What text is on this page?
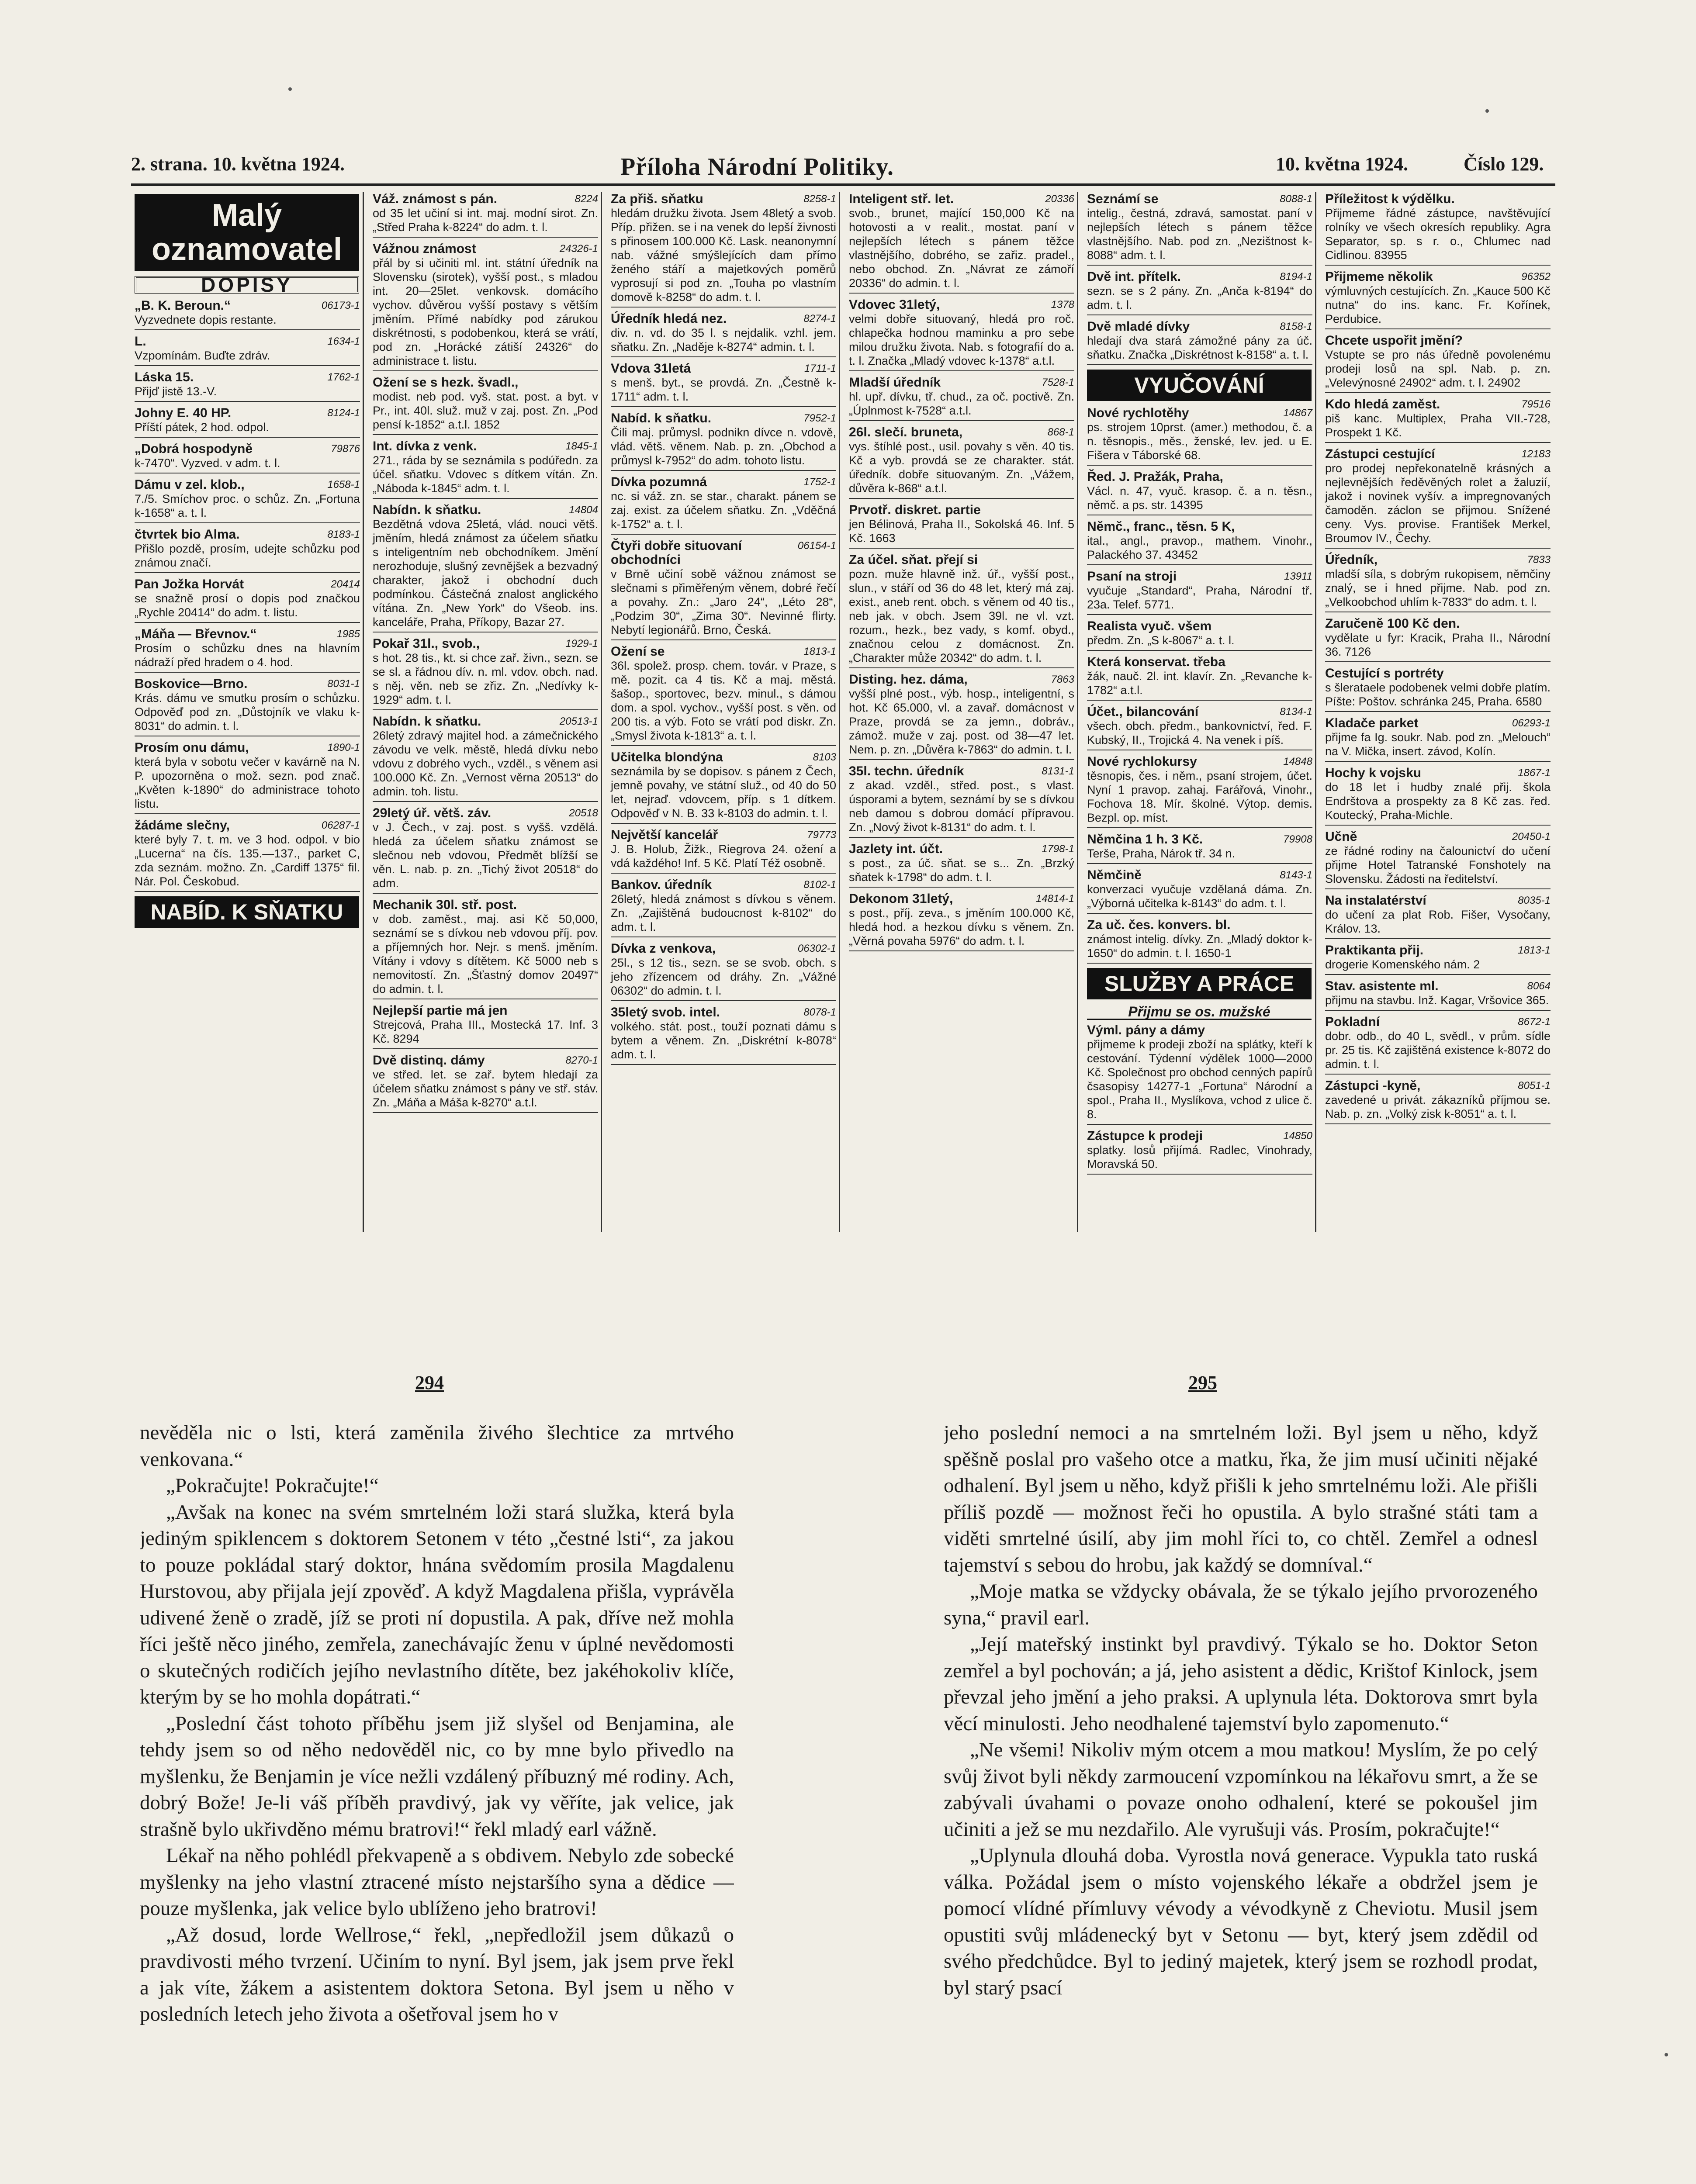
2. strana. 10. května 1924.	Příloha Národní Politiky.	10. května 1924.	Číslo 129.
Malý oznamovatel
DOPISY
06173-1
„B. K. Beroun.“
Vyzvednete dopis restante.
1634-1
L.
Vzpomínám. Buďte zdráv.
1762-1
Láska 15.
Přijď jistě 13.-V.
8124-1
Johny E. 40 HP.
Příští pátek, 2 hod. odpol.
79876
„Dobrá hospodyně
k-7470“. Vyzved. v adm. t. l.
1658-1
Dámu v zel. klob.,
7./5. Smíchov proc. o schůz. Zn. „Fortuna k-1658“ a. t. l.
8183-1
čtvrtek bio Alma.
Přišlo pozdě, prosím, udejte schůzku pod známou značí.
20414
Pan Jožka Horvát
se snažně prosí o dopis pod značkou „Rychle 20414“ do adm. t. listu.
1985
„Máňa — Břevnov.“
Prosím o schůzku dnes na hlavním nádraží před hradem o 4. hod.
8031-1
Boskovice—Brno.
Krás. dámu ve smutku prosím o schůzku. Odpověď pod zn. „Důstojník ve vlaku k-8031“ do admin. t. l.
1890-1
Prosím onu dámu,
která byla v sobotu večer v kavárně na N. P. upozorněna o mož. sezn. pod znač. „Květen k-1890“ do administrace tohoto listu.
06287-1
žádáme slečny,
které byly 7. t. m. ve 3 hod. odpol. v bio „Lucerna“ na čís. 135.—137., parket C, zda seznám. možno. Zn. „Cardiff 1375“ fil. Nár. Pol. Českobud.
NABÍD. K SŇATKU
8224
Váž. známost s pán.
od 35 let učiní si int. maj. modní sirot. Zn. „Střed Praha k-8224“ do adm. t. l.
24326-1
Vážnou známost
přál by si učiniti ml. int. státní úředník na Slovensku (sirotek), vyšší post., s mladou int. 20—25let. venkovsk. domácího vychov. důvěrou vyšší postavy s větším jměním. Přímé nabídky pod zárukou diskrétnosti, s podobenkou, která se vrátí, pod zn. „Horácké zátiší 24326“ do administrace t. listu.
Ožení se s hezk. švadl.,
modist. neb pod. vyš. stat. post. a byt. v Pr., int. 40l. služ. muž v zaj. post. Zn. „Pod pensí k-1852“ a.t.l. 1852
1845-1
Int. dívka z venk.
271., ráda by se seznámila s podúředn. za účel. sňatku. Vdovec s dítkem vítán. Zn. „Náboda k-1845“ adm. t. l.
14804
Nabídn. k sňatku.
Bezdětná vdova 25letá, vlád. nouci větš. jměním, hledá známost za účelem sňatku s inteligentním neb obchodníkem. Jmění nerozhoduje, slušný zevnějšek a bezvadný charakter, jakož i obchodní duch podmínkou. Částečná znalost anglického vítána. Zn. „New York“ do Všeob. ins. kanceláře, Praha, Příkopy, Bazar 27.
1929-1
Pokař 31l., svob.,
s hot. 28 tis., kt. si chce zař. živn., sezn. se se sl. a řádnou dív. n. ml. vdov. obch. nad. s něj. věn. neb se zřiz. Zn. „Nedívky k-1929“ adm. t. l.
20513-1
Nabídn. k sňatku.
26letý zdravý majitel hod. a zámečnického závodu ve velk. městě, hledá dívku nebo vdovu z dobrého vych., vzděl., s věnem asi 100.000 Kč. Zn. „Vernost věrna 20513“ do admin. toh. listu.
20518
29letý úř. větš. záv.
v J. Čech., v zaj. post. s vyšš. vzdělá. hledá za účelem sňatku známost se slečnou neb vdovou, Předmět blížší se věn. L. nab. p. zn. „Tichý život 20518“ do adm.
Mechanik 30l. stř. post.
v dob. zaměst., maj. asi Kč 50,000, seznámí se s dívkou neb vdovou příj. pov. a příjemných hor. Nejr. s menš. jměním. Vítány i vdovy s dítětem. Kč 5000 neb s nemovitostí. Zn. „Šťastný domov 20497“ do admin. t. l.
Nejlepší partie má jen
Strejcová, Praha III., Mostecká 17. Inf. 3 Kč. 8294
8270-1
Dvě distinq. dámy
ve střed. let. se zař. bytem hledají za účelem sňatku známost s pány ve stř. stáv. Zn. „Máňa a Máša k-8270“ a.t.l.
8258-1
Za přiš. sňatku
hledám družku života. Jsem 48letý a svob. Příp. přižen. se i na venek do lepší živnosti s přinosem 100.000 Kč. Lask. neanonymní nab. vážné smýšlejících dam přímo ženého stáří a majetkových poměrů vyprosují si pod zn. „Touha po vlastním domově k-8258“ do adm. t. l.
8274-1
Úředník hledá nez.
div. n. vd. do 35 l. s nejdalik. vzhl. jem. sňatku. Zn. „Naděje k-8274“ admin. t. l.
1711-1
Vdova 31letá
s menš. byt., se provdá. Zn. „Čestně k-1711“ adm. t. l.
7952-1
Nabíd. k sňatku.
Čili maj. průmysl. podnikn dívce n. vdově, vlád. větš. věnem. Nab. p. zn. „Obchod a průmysl k-7952“ do adm. tohoto listu.
1752-1
Dívka pozumná
nc. si váž. zn. se star., charakt. pánem se zaj. exist. za účelem sňatku. Zn. „Vděčná k-1752“ a. t. l.
06154-1
Čtyři dobře situovaní obchodníci
v Brně učiní sobě vážnou známost se slečnami s přiměřeným věnem, dobré řečí a povahy. Zn.: „Jaro 24“, „Léto 28“, „Podzim 30“, „Zima 30“. Nevinné flirty. Nebytí legionářů. Brno, Česká.
1813-1
Ožení se
36l. spolež. prosp. chem. továr. v Praze, s mě. pozit. ca 4 tis. Kč a maj. městá. šašop., sportovec, bezv. minul., s dámou dom. a spol. vychov., vyšší post. s věn. od 200 tis. a výb. Foto se vrátí pod diskr. Zn. „Smysl života k-1813“ a. t. l.
8103
Učitelka blondýna
seznámila by se dopisov. s pánem z Čech, jemně povahy, ve státní služ., od 40 do 50 let, nejraď. vdovcem, příp. s 1 dítkem. Odpověď v N. B. 33 k-8103 do admin. t. l.
79773
Největší kancelář
J. B. Holub, Žižk., Riegrova 24. ožení a vdá každého! Inf. 5 Kč. Platí Též osobně.
8102-1
Bankov. úředník
26letý, hledá známost s dívkou s věnem. Zn. „Zajištěná budoucnost k-8102“ do adm. t. l.
06302-1
Dívka z venkova,
25l., s 12 tis., sezn. se se svob. obch. s jeho zřízencem od dráhy. Zn. „Vážné 06302“ do admin. t. l.
8078-1
35letý svob. intel.
volkého. stát. post., touží poznati dámu s bytem a věnem. Zn. „Diskrétní k-8078“ adm. t. l.
20336
Inteligent stř. let.
svob., brunet, mající 150,000 Kč na hotovosti a v realit., mostat. paní v nejlepších létech s pánem těžce vlastnějšího, dobrého, se zařiz. pradel., nebo obchod. Zn. „Návrat ze zámoří 20336“ do admin. t. l.
1378
Vdovec 31letý,
velmi dobře situovaný, hledá pro roč. chlapečka hodnou maminku a pro sebe milou družku života. Nab. s fotografií do a. t. l. Značka „Mladý vdovec k-1378“ a.t.l.
7528-1
Mladší úředník
hl. upř. dívku, tř. chud., za oč. poctivě. Zn. „Úplnmost k-7528“ a.t.l.
868-1
26l. slečí. bruneta,
vys. štíhlé post., usil. povahy s věn. 40 tis. Kč a vyb. provdá se ze charakter. stát. úředník. dobře situovaným. Zn. „Vážem, důvěra k-868“ a.t.l.
Prvotř. diskret. partie
jen Bélinová, Praha II., Sokolská 46. Inf. 5 Kč. 1663
Za účel. sňat. přejí si
pozn. muže hlavně inž. úř., vyšší post., slun., v stáří od 36 do 48 let, který má zaj. exist., aneb rent. obch. s věnem od 40 tis., neb jak. v obch. Jsem 39l. ne vl. vzt. rozum., hezk., bez vady, s komf. obyd., značnou celou z domácnost. Zn. „Charakter může 20342“ do adm. t. l.
7863
Disting. hez. dáma,
vyšší plné post., výb. hosp., inteligentní, s hot. Kč 65.000, vl. a zavař. domácnost v Praze, provdá se za jemn., dobráv., zámož. muže v zaj. post. od 38—47 let. Nem. p. zn. „Důvěra k-7863“ do admin. t. l.
8131-1
35l. techn. úředník
z akad. vzděl., střed. post., s vlast. úsporami a bytem, seznámí by se s dívkou neb damou s dobrou domácí přípravou. Zn. „Nový život k-8131“ do adm. t. l.
1798-1
Jazlety int. účt.
s post., za úč. sňat. se s... Zn. „Brzký sňatek k-1798“ do adm. t. l.
14814-1
Dekonom 31letý,
s post., příj. zeva., s jměním 100.000 Kč, hledá hod. a hezkou dívku s věnem. Zn. „Věrná povaha 5976“ do adm. t. l.
8088-1
Seznámí se
intelig., čestná, zdravá, samostat. paní v nejlepších létech s pánem těžce vlastnějšího. Nab. pod zn. „Nezištnost k-8088“ adm. t. l.
8194-1
Dvě int. přítelk.
sezn. se s 2 pány. Zn. „Anča k-8194“ do adm. t. l.
8158-1
Dvě mladé dívky
hledají dva stará zámožné pány za úč. sňatku. Značka „Diskrétnost k-8158“ a. t. l.
VYUČOVÁNÍ
14867
Nové rychlotěhy
ps. strojem 10prst. (amer.) methodou, č. a n. těsnopis., měs., ženské, lev. jed. u E. Fišera v Táborské 68.
Řed. J. Pražák, Praha,
Václ. n. 47, vyuč. krasop. č. a n. těsn., němč. a ps. str. 14395
Němč., franc., těsn. 5 K,
ital., angl., pravop., mathem. Vinohr., Palackého 37. 43452
13911
Psaní na stroji
vyučuje „Standard“, Praha, Národní tř. 23a. Telef. 5771.
Realista vyuč. všem
předm. Zn. „S k-8067“ a. t. l.
Která konservat. třeba
žák, nauč. 2l. int. klavír. Zn. „Revanche k-1782“ a.t.l.
8134-1
Účet., bilancování
všech. obch. předm., bankovnictví, řed. F. Kubský, II., Trojická 4. Na venek i píš.
14848
Nové rychlokursy
těsnopis, čes. i něm., psaní strojem, účet. Nyní 1 pravop. zahaj. Farářová, Vinohr., Fochova 18. Mír. školné. Výtop. demis. Bezpl. op. míst.
79908
Němčina 1 h. 3 Kč.
Terše, Praha, Nárok tř. 34 n.
8143-1
Němčině
konverzaci vyučuje vzdělaná dáma. Zn. „Výborná učitelka k-8143“ do adm. t. l.
Za uč. čes. konvers. bl.
známost intelig. dívky. Zn. „Mladý doktor k-1650“ do admin. t. l. 1650-1
SLUŽBY A PRÁCE
Přijmu se os. mužské
Výml. pány a dámy
přijmeme k prodeji zboží na splátky, kteří k cestování. Týdenní výdělek 1000—2000 Kč. Společnost pro obchod cenných papírů čsasopisy 14277-1 „Fortuna“ Národní a spol., Praha II., Myslíkova, vchod z ulice č. 8.
14850
Zástupce k prodeji
splatky. losů přijímá. Radlec, Vinohrady, Moravská 50.
Příležitost k výdělku.
Přijmeme řádné zástupce, navštěvující rolníky ve všech okresích republiky. Agra Separator, sp. s r. o., Chlumec nad Cidlinou. 83955
96352
Přijmeme několik
výmluvných cestujících. Zn. „Kauce 500 Kč nutna“ do ins. kanc. Fr. Kořínek, Perdubice.
Chcete uspořit jmění?
Vstupte se pro nás úředně povolenému prodeji losů na spl. Nab. p. zn. „Velevýnosné 24902“ adm. t. l. 24902
79516
Kdo hledá zaměst.
piš kanc. Multiplex, Praha VII.-728, Prospekt 1 Kč.
12183
Zástupci cestující
pro prodej nepřekonatelně krásných a nejlevnějších ředěvěných rolet a žaluzií, jakož i novinek vyšív. a impregnovaných čamoděn. záclon se přijmou. Snížené ceny. Vys. provise. František Merkel, Broumov IV., Čechy.
7833
Úředník,
mladší síla, s dobrým rukopisem, němčiny znalý, se i hned přijme. Nab. pod zn. „Velkoobchod uhlím k-7833“ do adm. t. l.
Zaručeně 100 Kč den.
vydělate u fyr: Kracik, Praha II., Národní 36. 7126
Cestující s portréty
s šlerataele podobenek velmi dobře platím. Píšte: Poštov. schránka 245, Praha. 6580
06293-1
Kladače parket
přijme fa Ig. soukr. Nab. pod zn. „Melouch“ na V. Mička, insert. závod, Kolín.
1867-1
Hochy k vojsku
do 18 let i hudby znalé přij. škola Endrštova a prospekty za 8 Kč zas. řed. Koutecký, Praha-Michle.
20450-1
Učně
ze řádné rodiny na čalounictví do učení přijme Hotel Tatranské Fonshotely na Slovensku. Žádosti na ředitelství.
8035-1
Na instalatérství
do učení za plat Rob. Fišer, Vysočany, Králov. 13.
1813-1
Praktikanta přij.
drogerie Komenského nám. 2
8064
Stav. asistente ml.
přijmu na stavbu. Inž. Kagar, Vršovice 365.
8672-1
Pokladní
dobr. odb., do 40 L, svědl., v prům. sídle pr. 25 tis. Kč zajištěná existence k-8072 do admin. t. l.
8051-1
Zástupci -kyně,
zavedené u privát. zákazníků příjmou se. Nab. p. zn. „Volký zisk k-8051“ a. t. l.
294	295

nevěděla nic o lsti, která zaměnila živého šlechtice za mrtvého venkovana.“

„Pokračujte! Pokračujte!“

„Avšak na konec na svém smrtelném loži stará služka, která byla jediným spiklencem s doktorem Setonem v této „čestné lsti“, za jakou to pouze pokládal starý doktor, hnána svědomím prosila Magdalenu Hurstovou, aby přijala její zpověď. A když Magdalena přišla, vyprávěla udivené ženě o zradě, jíž se proti ní dopustila. A pak, dříve než mohla říci ještě něco jiného, zemřela, zanechávajíc ženu v úplné nevědomosti o skutečných rodičích jejího nevlastního dítěte, bez jakéhokoliv klíče, kterým by se ho mohla dopátrati.“

„Poslední část tohoto příběhu jsem již slyšel od Benjamina, ale tehdy jsem so od něho nedověděl nic, co by mne bylo přivedlo na myšlenku, že Benjamin je více nežli vzdálený příbuzný mé rodiny. Ach, dobrý Bože! Je-li váš příběh pravdivý, jak vy věříte, jak velice, jak strašně bylo ukřivděno mému bratrovi!“ řekl mladý earl vážně.

Lékař na něho pohlédl překvapeně a s obdivem. Nebylo zde sobecké myšlenky na jeho vlastní ztracené místo nejstaršího syna a dědice — pouze myšlenka, jak velice bylo ublíženo jeho bratrovi!

„Až dosud, lorde Wellrose,“ řekl, „nepředložil jsem důkazů o pravdivosti mého tvrzení. Učiním to nyní. Byl jsem, jak jsem prve řekl a jak víte, žákem a asistentem doktora Setona. Byl jsem u něho v posledních letech jeho života a ošetřoval jsem ho v

jeho poslední nemoci a na smrtelném loži. Byl jsem u něho, když spěšně poslal pro vašeho otce a matku, řka, že jim musí učiniti nějaké odhalení. Byl jsem u něho, když přišli k jeho smrtelnému loži. Ale přišli příliš pozdě — možnost řeči ho opustila. A bylo strašné státi tam a viděti smrtelné úsilí, aby jim mohl říci to, co chtěl. Zemřel a odnesl tajemství s sebou do hrobu, jak každý se domníval.“

„Moje matka se vždycky obávala, že se týkalo jejího prvorozeného syna,“ pravil earl.

„Její mateřský instinkt byl pravdivý. Týkalo se ho. Doktor Seton zemřel a byl pochován; a já, jeho asistent a dědic, Krištof Kinlock, jsem převzal jeho jmění a jeho praksi. A uplynula léta. Doktorova smrt byla věcí minulosti. Jeho neodhalené tajemství bylo zapomenuto.“

„Ne všemi! Nikoliv mým otcem a mou matkou! Myslím, že po celý svůj život byli někdy zarmoucení vzpomínkou na lékařovu smrt, a že se zabývali úvahami o povaze onoho odhalení, které se pokoušel jim učiniti a jež se mu nezdařilo. Ale vyrušuji vás. Prosím, pokračujte!“

„Uplynula dlouhá doba. Vyrostla nová generace. Vypukla tato ruská válka. Požádal jsem o místo vojenského lékaře a obdržel jsem je pomocí vlídné přímluvy vévody a vévodkyně z Cheviotu. Musil jsem opustiti svůj mládenecký byt v Setonu — byt, který jsem zdědil od svého předchůdce. Byl to jediný majetek, který jsem se rozhodl prodat, byl starý psací
